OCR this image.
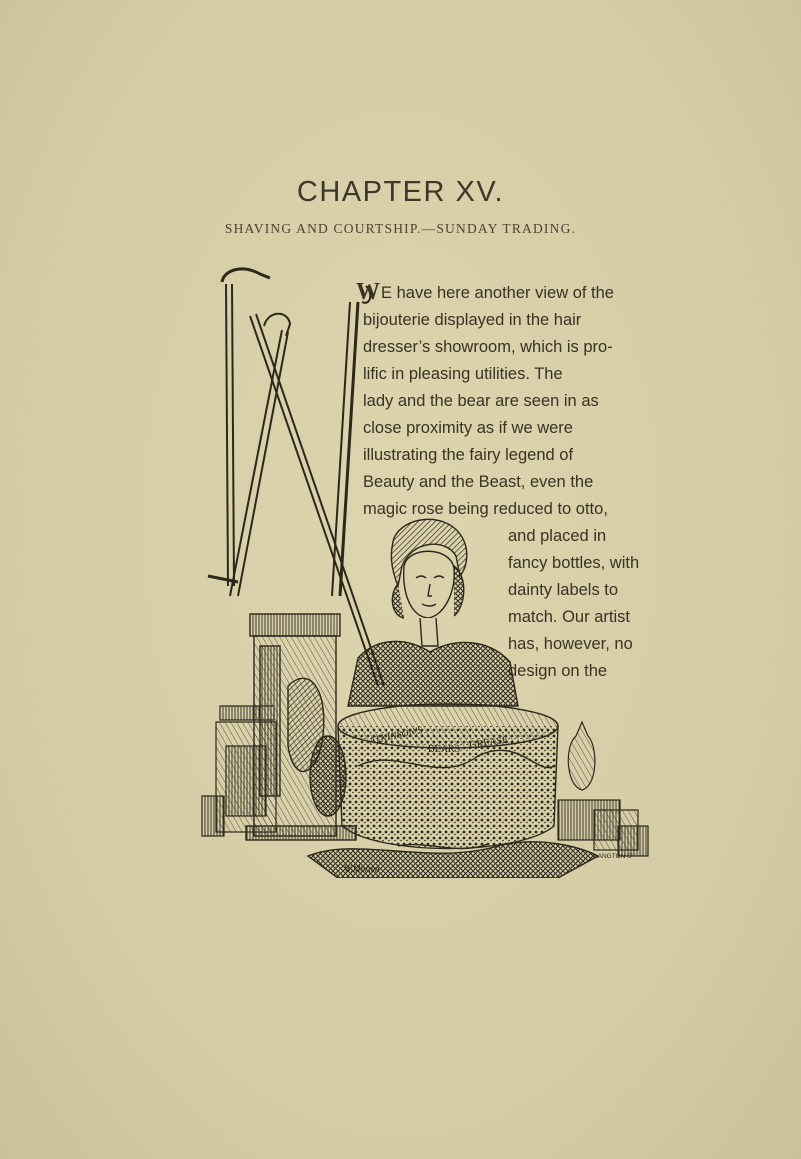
CHAPTER XV.
SHAVING AND COURTSHIP.—SUNDAY TRADING.
ATKINSON'S
BEARS GREASE
W.Morten
LANGTON Sᴵ
W E have here another view of the
bijouterie displayed in the hair
dresser’s showroom, which is pro-
lific in pleasing utilities. The
lady and the bear are seen in as
close proximity as if we were
illustrating the fairy legend of
Beauty and the Beast, even the
magic rose being reduced to otto,
and placed in
fancy bottles, with
dainty labels to
match. Our artist
has, however, no
design on the
